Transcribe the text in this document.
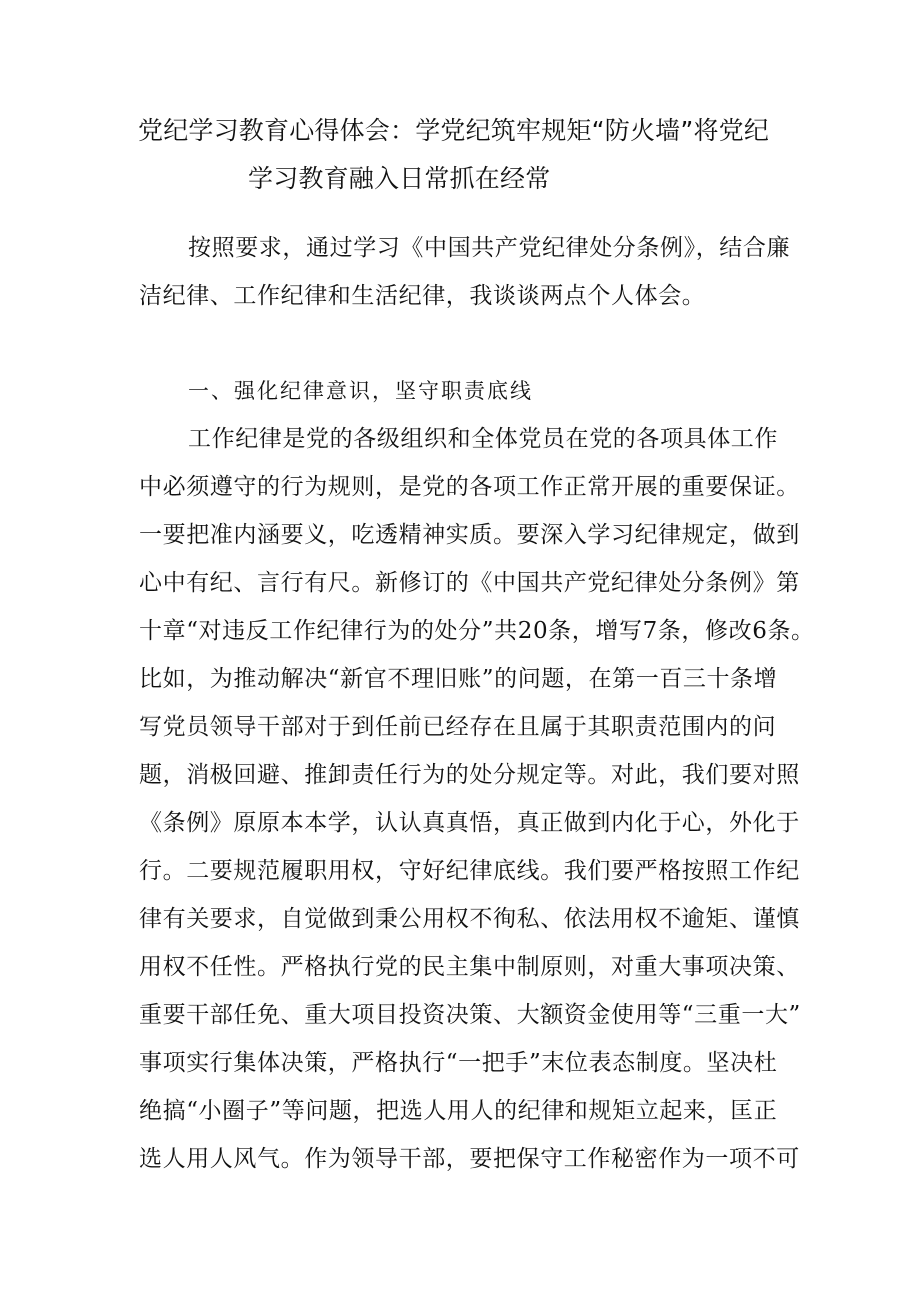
党纪学习教育心得体会：学党纪筑牢规矩“防火墙”将党纪
学习教育融入日常抓在经常
按照要求，通过学习《中国共产党纪律处分条例》，结合廉
洁纪律、工作纪律和生活纪律，我谈谈两点个人体会。
一、强化纪律意识，坚守职责底线
工作纪律是党的各级组织和全体党员在党的各项具体工作
中必须遵守的行为规则，是党的各项工作正常开展的重要保证。
一要把准内涵要义，吃透精神实质。要深入学习纪律规定，做到
心中有纪、言行有尺。新修订的《中国共产党纪律处分条例》第
十章“对违反工作纪律行为的处分”共20条，增写7条，修改6条。
比如，为推动解决“新官不理旧账”的问题，在第一百三十条增
写党员领导干部对于到任前已经存在且属于其职责范围内的问
题，消极回避、推卸责任行为的处分规定等。对此，我们要对照
《条例》原原本本学，认认真真悟，真正做到内化于心，外化于
行。二要规范履职用权，守好纪律底线。我们要严格按照工作纪
律有关要求，自觉做到秉公用权不徇私、依法用权不逾矩、谨慎
用权不任性。严格执行党的民主集中制原则，对重大事项决策、
重要干部任免、重大项目投资决策、大额资金使用等“三重一大”
事项实行集体决策，严格执行“一把手”末位表态制度。坚决杜
绝搞“小圈子”等问题，把选人用人的纪律和规矩立起来，匡正
选人用人风气。作为领导干部，要把保守工作秘密作为一项不可
